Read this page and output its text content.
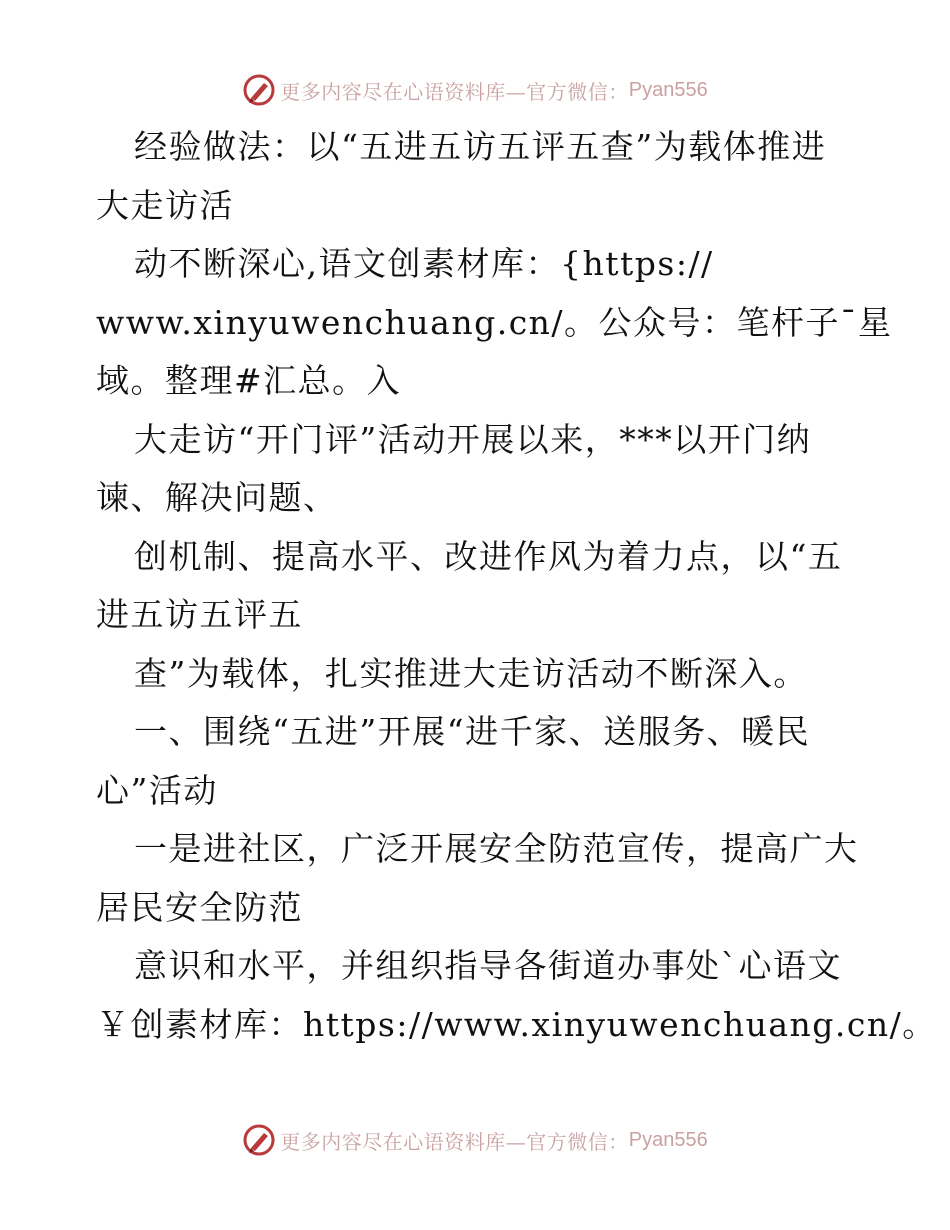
更多内容尽在心语资料库—官方微信： Pyan556
经验做法：以“五进五访五评五查”为载体推进
大走访活
动不断深心,语文创素材库：{https://
www.xinyuwenchuang.cn/。公众号：笔杆子¯星
域。整理#汇总。入
大走访“开门评”活动开展以来，***以开门纳
谏、解决问题、
创机制、提高水平、改进作风为着力点，以“五
进五访五评五
查”为载体，扎实推进大走访活动不断深入。
一、围绕“五进”开展“进千家、送服务、暖民
心”活动
一是进社区，广泛开展安全防范宣传，提高广大
居民安全防范
意识和水平，并组织指导各街道办事处`心语文
￥创素材库：https://www.xinyuwenchuang.cn/。
更多内容尽在心语资料库—官方微信： Pyan556
